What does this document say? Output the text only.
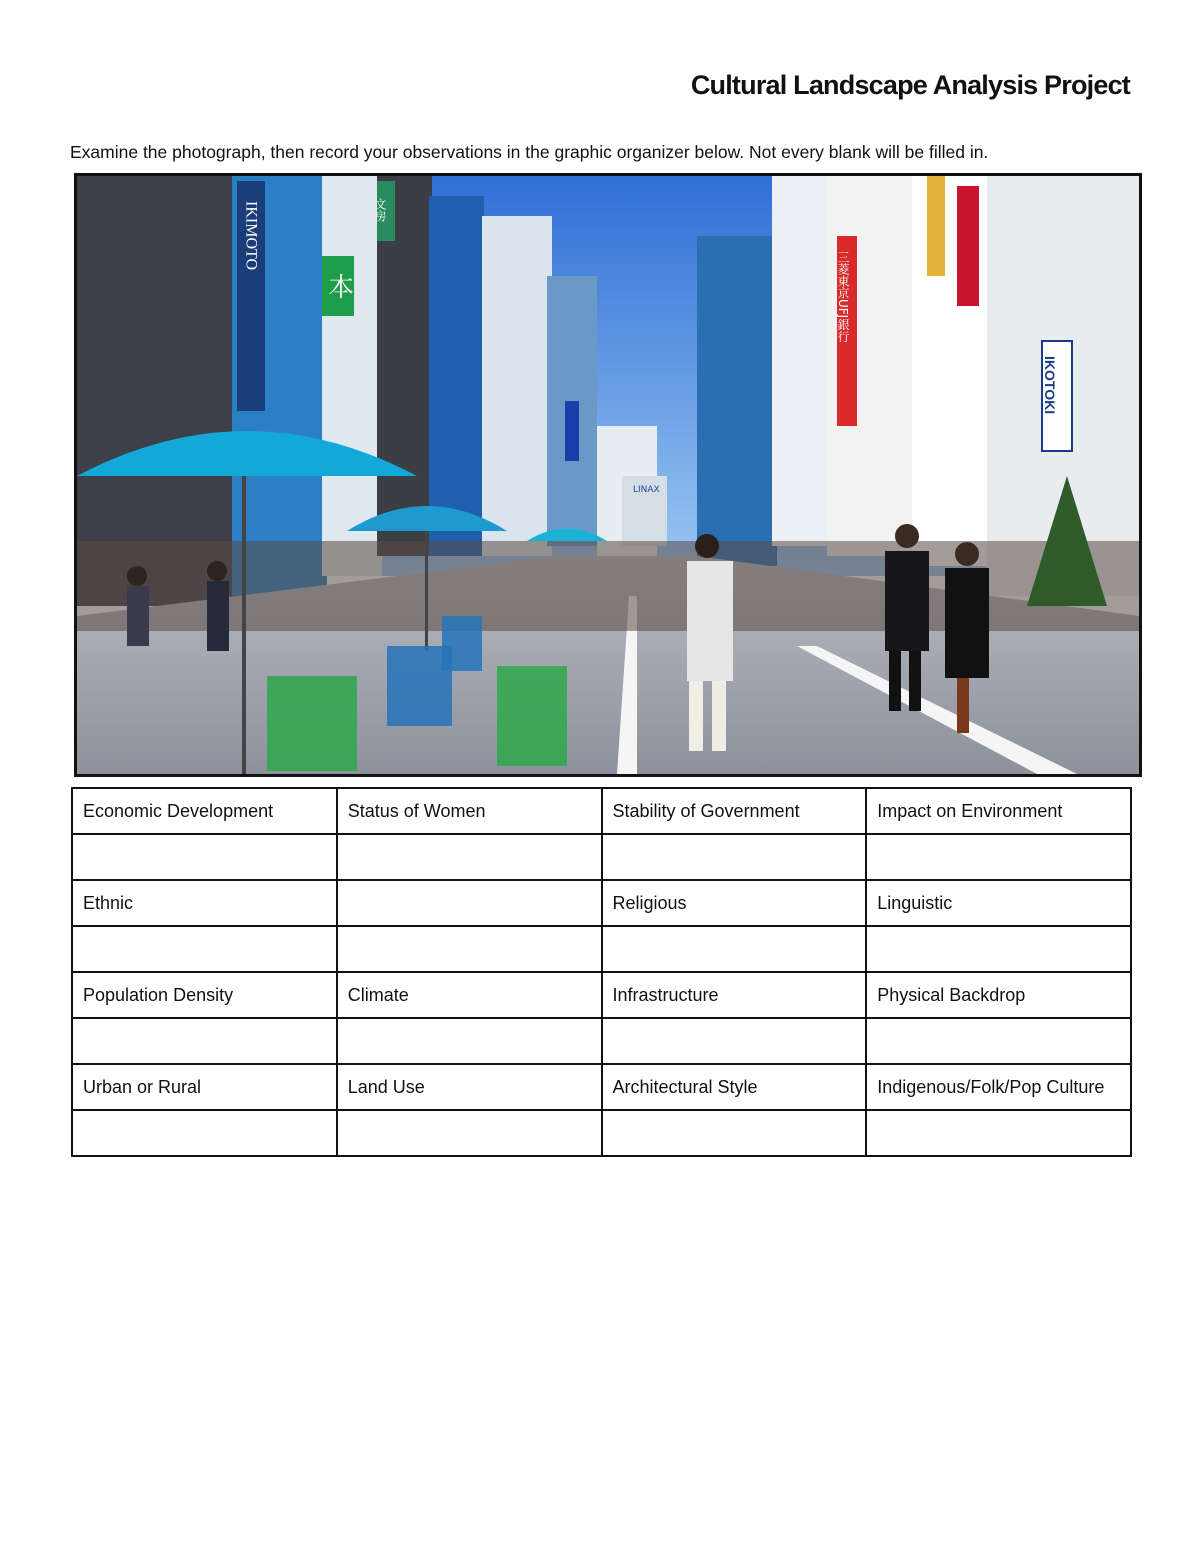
Cultural Landscape Analysis Project
Examine the photograph, then record your observations in the graphic organizer below. Not every blank will be filled in.
IKIMOTO
本
文房
LINAX
三菱東京UFJ銀行
IKOTOKI
Economic Development	Status of Women	Stability of Government	Impact on Environment

Ethnic		Religious	Linguistic

Population Density	Climate	Infrastructure	Physical Backdrop

Urban or Rural	Land Use	Architectural Style	Indigenous/Folk/Pop Culture
